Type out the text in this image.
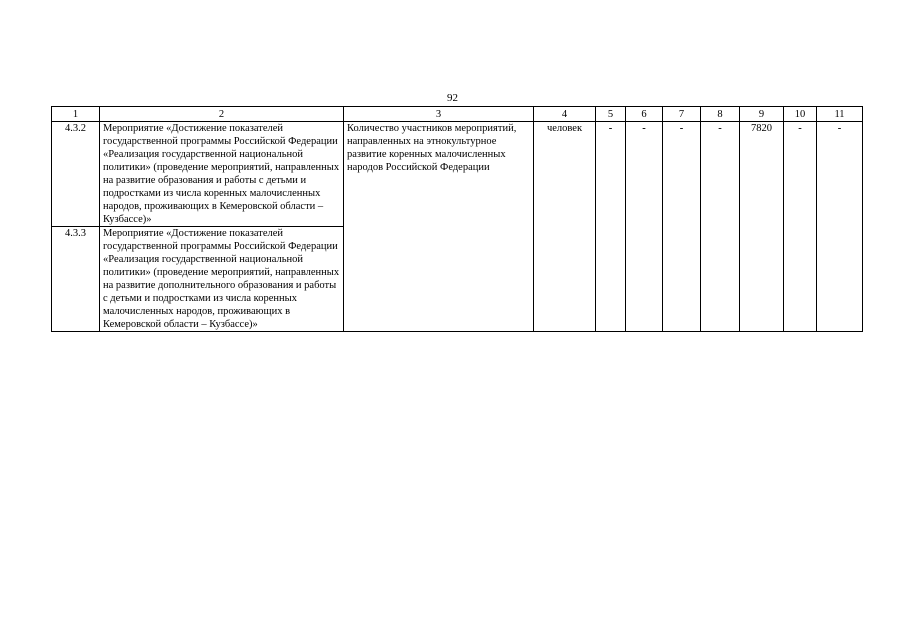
92
1	2	3	4	5	6	7	8	9	10	11
4.3.2	Мероприятие «Достижение показателей государственной программы Российской Федерации «Реализация государственной национальной политики» (проведение мероприятий, направленных на развитие образования и работы с детьми и подростками из числа коренных малочисленных народов, проживающих в Кемеровской области – Кузбассе)»	Количество участников мероприятий, направленных на этнокультурное развитие коренных малочисленных народов Российской Федерации	человек	-	-	-	-	7820	-	-
4.3.3	Мероприятие «Достижение показателей государственной программы Российской Федерации «Реализация государственной национальной политики» (проведение мероприятий, направленных на развитие дополнительного образования и работы с детьми и подростками из числа коренных малочисленных народов, проживающих в Кемеровской области – Кузбассе)»									
